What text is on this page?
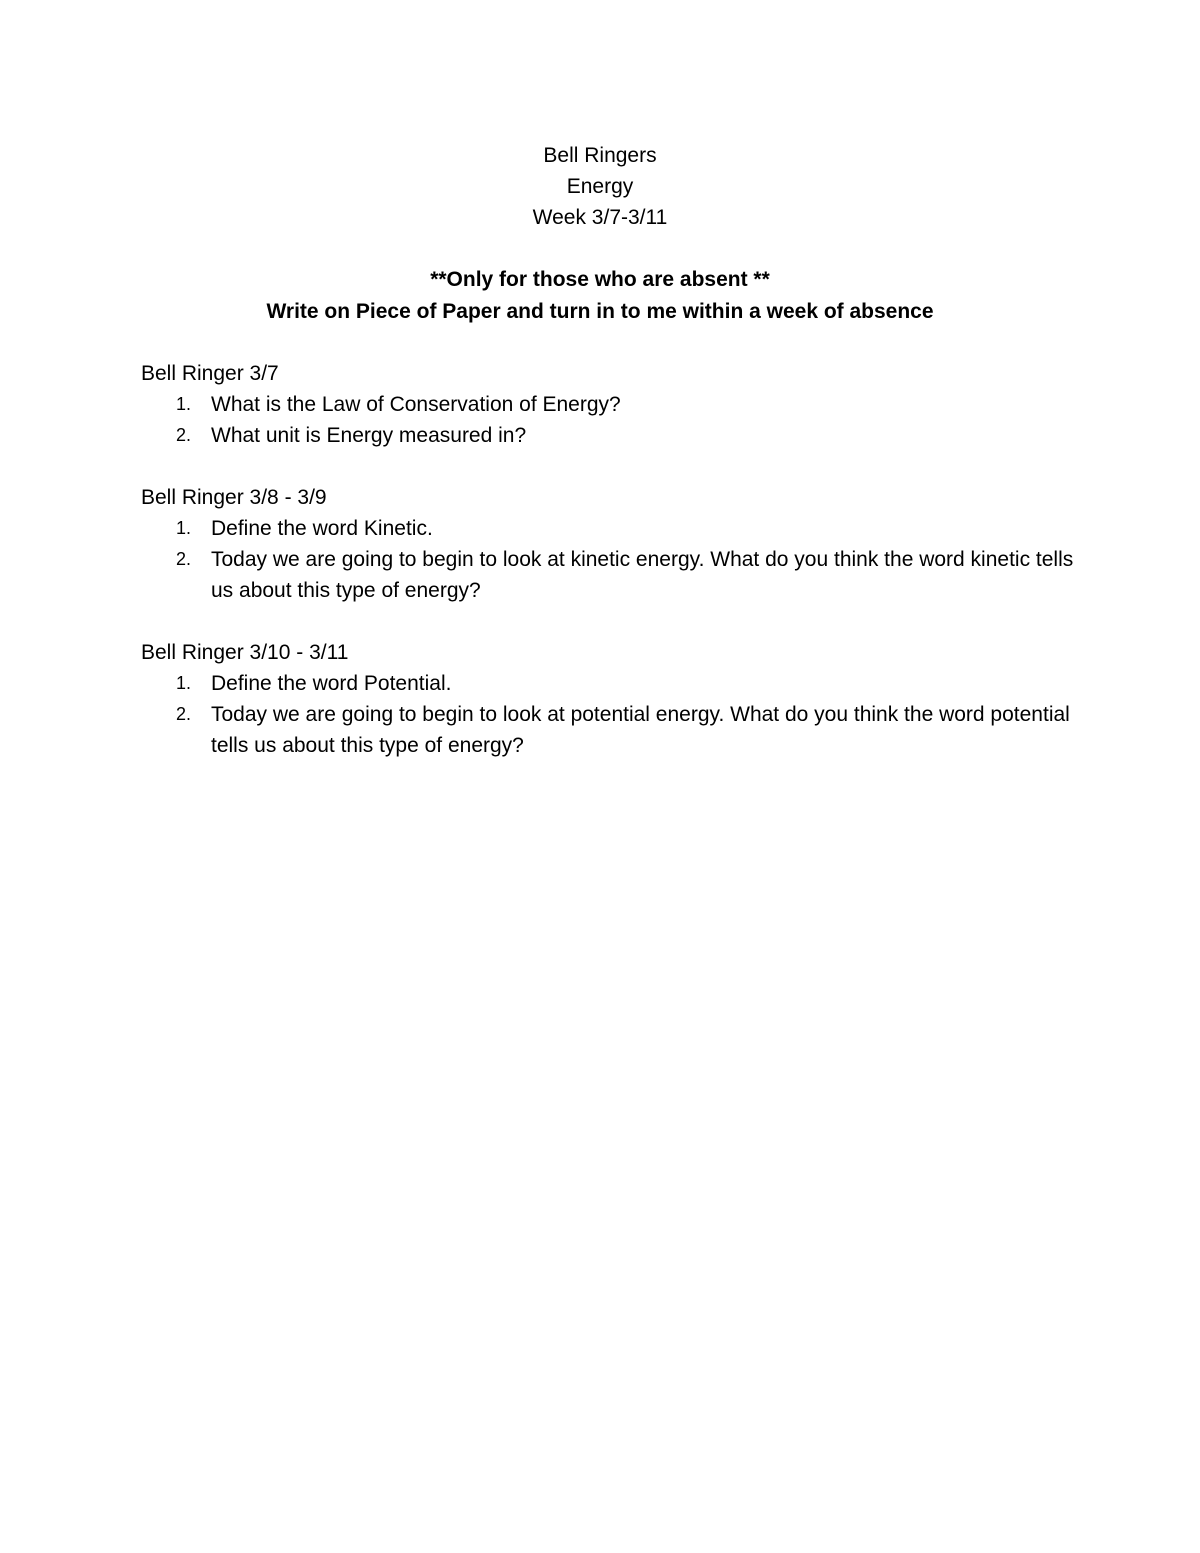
Bell Ringers
Energy
Week 3/7-3/11
**Only for those who are absent **
Write on Piece of Paper and turn in to me within a week of absence
Bell Ringer 3/7
1. What is the Law of Conservation of Energy?
2. What unit is Energy measured in?
Bell Ringer 3/8 - 3/9
1. Define the word Kinetic.
2. Today we are going to begin to look at kinetic energy. What do you think the word kinetic tells us about this type of energy?
Bell Ringer 3/10 - 3/11
1. Define the word Potential.
2. Today we are going to begin to look at potential energy. What do you think the word potential tells us about this type of energy?
